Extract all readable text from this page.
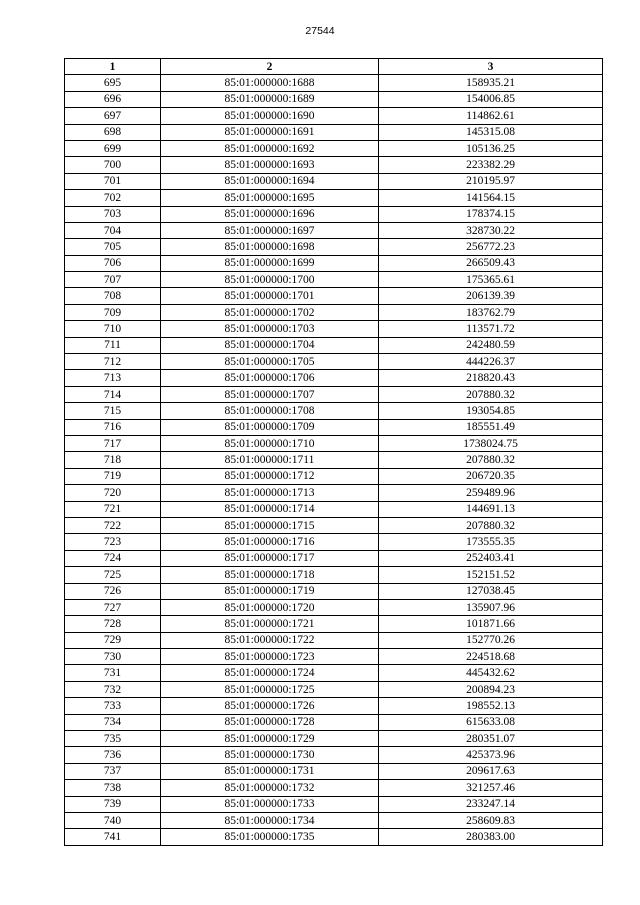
27544
1	2	3
695	85:01:000000:1688	158935.21
696	85:01:000000:1689	154006.85
697	85:01:000000:1690	114862.61
698	85:01:000000:1691	145315.08
699	85:01:000000:1692	105136.25
700	85:01:000000:1693	223382.29
701	85:01:000000:1694	210195.97
702	85:01:000000:1695	141564.15
703	85:01:000000:1696	178374.15
704	85:01:000000:1697	328730.22
705	85:01:000000:1698	256772.23
706	85:01:000000:1699	266509.43
707	85:01:000000:1700	175365.61
708	85:01:000000:1701	206139.39
709	85:01:000000:1702	183762.79
710	85:01:000000:1703	113571.72
711	85:01:000000:1704	242480.59
712	85:01:000000:1705	444226.37
713	85:01:000000:1706	218820.43
714	85:01:000000:1707	207880.32
715	85:01:000000:1708	193054.85
716	85:01:000000:1709	185551.49
717	85:01:000000:1710	1738024.75
718	85:01:000000:1711	207880.32
719	85:01:000000:1712	206720.35
720	85:01:000000:1713	259489.96
721	85:01:000000:1714	144691.13
722	85:01:000000:1715	207880.32
723	85:01:000000:1716	173555.35
724	85:01:000000:1717	252403.41
725	85:01:000000:1718	152151.52
726	85:01:000000:1719	127038.45
727	85:01:000000:1720	135907.96
728	85:01:000000:1721	101871.66
729	85:01:000000:1722	152770.26
730	85:01:000000:1723	224518.68
731	85:01:000000:1724	445432.62
732	85:01:000000:1725	200894.23
733	85:01:000000:1726	198552.13
734	85:01:000000:1728	615633.08
735	85:01:000000:1729	280351.07
736	85:01:000000:1730	425373.96
737	85:01:000000:1731	209617.63
738	85:01:000000:1732	321257.46
739	85:01:000000:1733	233247.14
740	85:01:000000:1734	258609.83
741	85:01:000000:1735	280383.00
